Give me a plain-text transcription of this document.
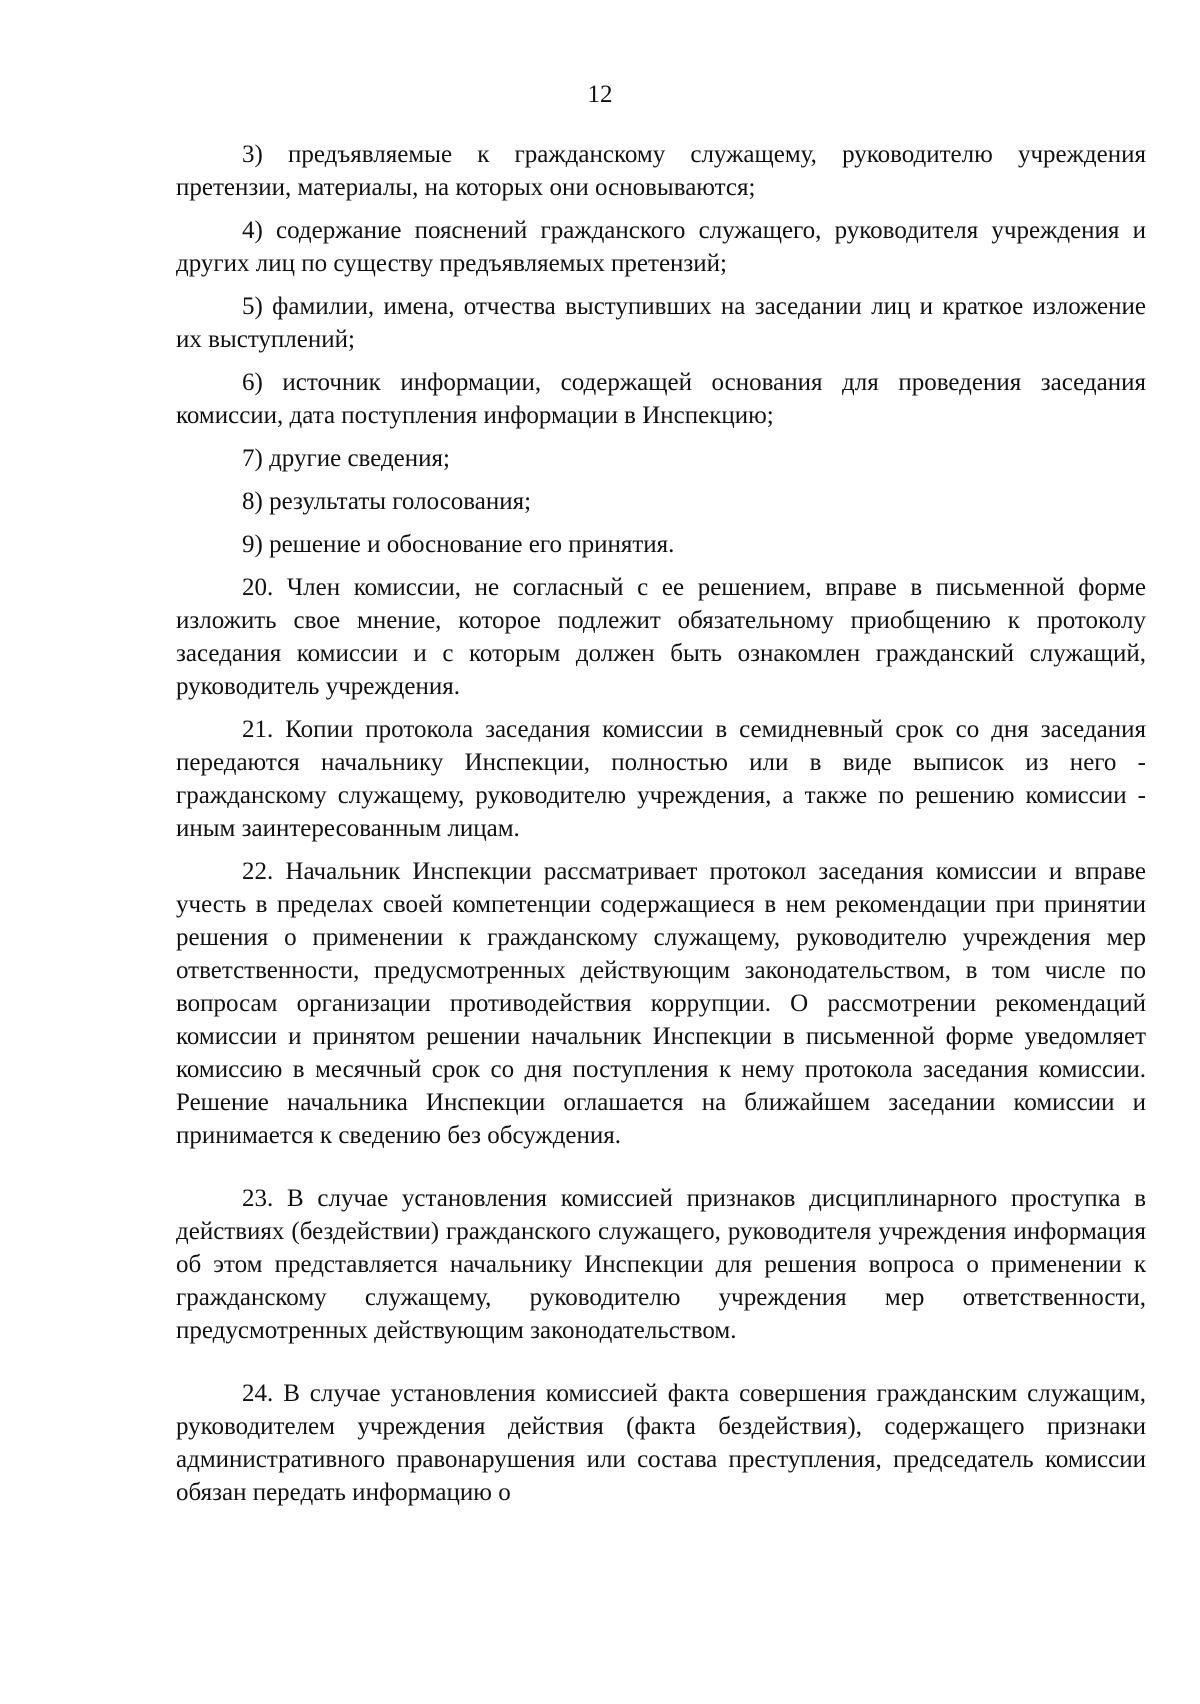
12

3) предъявляемые к гражданскому служащему, руководителю учреждения претензии, материалы, на которых они основываются;

4) содержание пояснений гражданского служащего, руководителя учреждения и других лиц по существу предъявляемых претензий;

5) фамилии, имена, отчества выступивших на заседании лиц и краткое изложение их выступлений;

6) источник информации, содержащей основания для проведения заседания комиссии, дата поступления информации в Инспекцию;

7) другие сведения;

8) результаты голосования;

9) решение и обоснование его принятия.

20. Член комиссии, не согласный с ее решением, вправе в письменной форме изложить свое мнение, которое подлежит обязательному приобщению к протоколу заседания комиссии и с которым должен быть ознакомлен гражданский служащий, руководитель учреждения.

21. Копии протокола заседания комиссии в семидневный срок со дня заседания передаются начальнику Инспекции, полностью или в виде выписок из него - гражданскому служащему, руководителю учреждения, а также по решению комиссии - иным заинтересованным лицам.

22. Начальник Инспекции рассматривает протокол заседания комиссии и вправе учесть в пределах своей компетенции содержащиеся в нем рекомендации при принятии решения о применении к гражданскому служащему, руководителю учреждения мер ответственности, предусмотренных действующим законодательством, в том числе по вопросам организации противодействия коррупции. О рассмотрении рекомендаций комиссии и принятом решении начальник Инспекции в письменной форме уведомляет комиссию в месячный срок со дня поступления к нему протокола заседания комиссии. Решение начальника Инспекции оглашается на ближайшем заседании комиссии и принимается к сведению без обсуждения.

23. В случае установления комиссией признаков дисциплинарного проступка в действиях (бездействии) гражданского служащего, руководителя учреждения информация об этом представляется начальнику Инспекции для решения вопроса о применении к гражданскому служащему, руководителю учреждения мер ответственности, предусмотренных действующим законодательством.

24. В случае установления комиссией факта совершения гражданским служащим, руководителем учреждения действия (факта бездействия), содержащего признаки административного правонарушения или состава преступления, председатель комиссии обязан передать информацию о
